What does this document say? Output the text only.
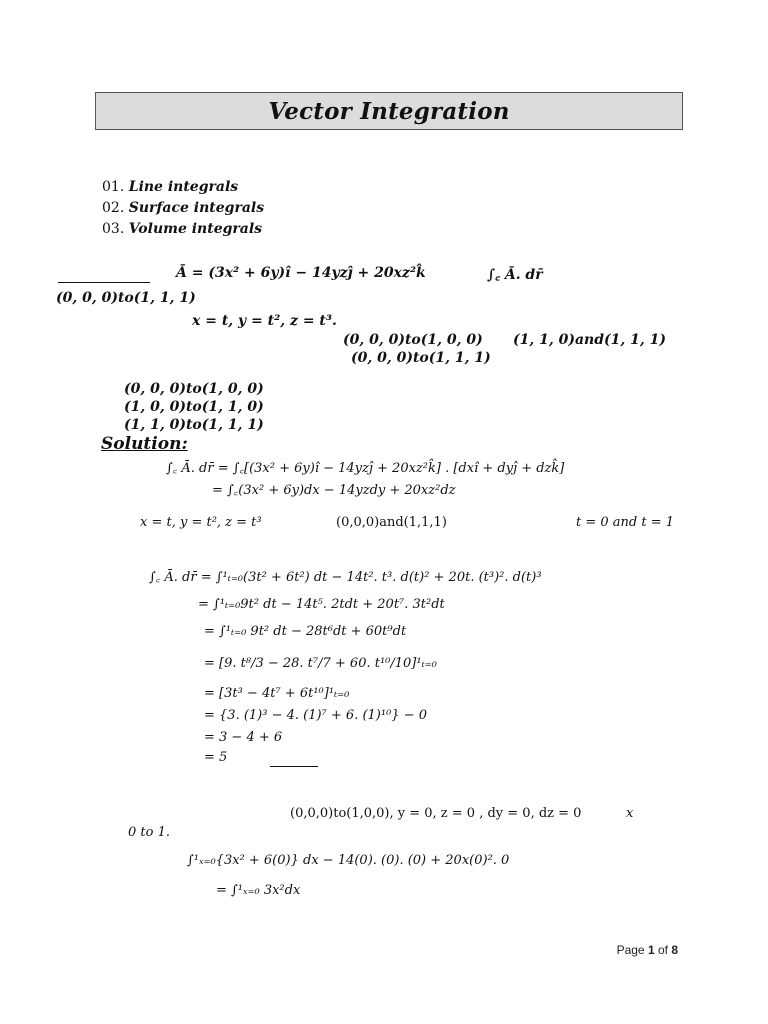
Vector Integration
01. Line integrals
02. Surface integrals
03. Volume integrals
Ā = (3x² + 6y)î − 14yzĵ + 20xz²k̂	∫꜀ Ā. dr̄
(0, 0, 0)to(1, 1, 1)
x = t, y = t², z = t³.
(0, 0, 0)to(1, 0, 0) (1, 1, 0)and(1, 1, 1)
(0, 0, 0)to(1, 1, 1)
(0, 0, 0)to(1, 0, 0)
(1, 0, 0)to(1, 1, 0)
(1, 1, 0)to(1, 1, 1)
Solution:
∫꜀ Ā. dr̄ = ∫꜀[(3x² + 6y)î − 14yzĵ + 20xz²k̂] . [dxî + dyĵ + dzk̂]
= ∫꜀(3x² + 6y)dx − 14yzdy + 20xz²dz
x = t, y = t², z = t³	(0,0,0)and(1,1,1)	t = 0 and t = 1
∫꜀ Ā. dr̄ = ∫¹ₜ₌₀(3t² + 6t²) dt − 14t². t³. d(t)² + 20t. (t³)². d(t)³
= ∫¹ₜ₌₀9t² dt − 14t⁵. 2tdt + 20t⁷. 3t²dt
= ∫¹ₜ₌₀ 9t² dt − 28t⁶dt + 60t⁹dt
= [9. t⁸/3 − 28. t⁷/7 + 60. t¹⁰/10]¹ₜ₌₀
= [3t³ − 4t⁷ + 6t¹⁰]¹ₜ₌₀
= {3. (1)³ − 4. (1)⁷ + 6. (1)¹⁰} − 0
= 3 − 4 + 6
= 5
(0,0,0)to(1,0,0), y = 0, z = 0 , dy = 0, dz = 0	x
0 to 1.
∫¹ₓ₌₀{3x² + 6(0)} dx − 14(0). (0). (0) + 20x(0)². 0
= ∫¹ₓ₌₀ 3x²dx
Page 1 of 8
